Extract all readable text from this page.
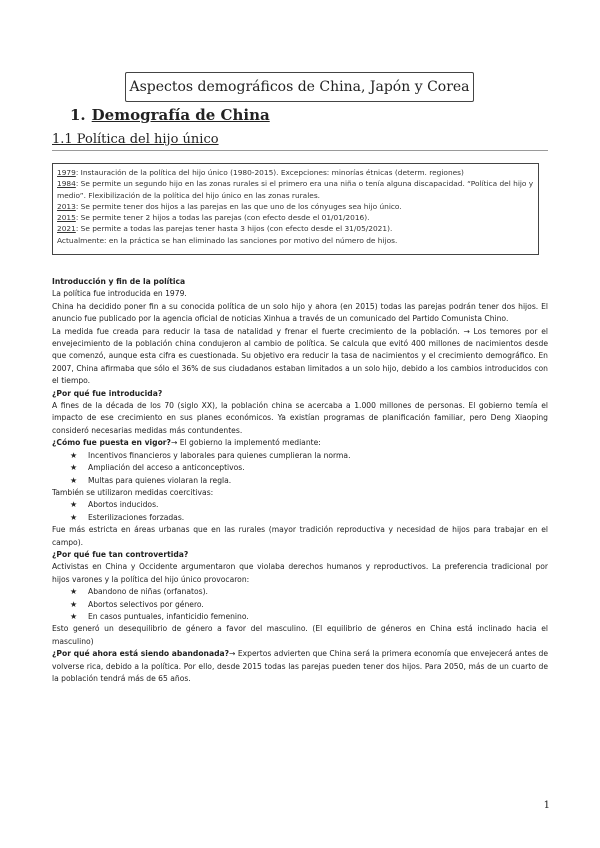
Aspectos demográficos de China, Japón y Corea
1. Demografía de China
1.1 Política del hijo único
1979: Instauración de la política del hijo único (1980-2015). Excepciones: minorías étnicas (determ. regiones)
1984: Se permite un segundo hijo en las zonas rurales si el primero era una niña o tenía alguna discapacidad. “Política del hijo y medio”. Flexibilización de la política del hijo único en las zonas rurales.
2013: Se permite tener dos hijos a las parejas en las que uno de los cónyuges sea hijo único.
2015: Se permite tener 2 hijos a todas las parejas (con efecto desde el 01/01/2016).
2021: Se permite a todas las parejas tener hasta 3 hijos (con efecto desde el 31/05/2021).
Actualmente: en la práctica se han eliminado las sanciones por motivo del número de hijos.

Introducción y fin de la política

La política fue introducida en 1979.

China ha decidido poner fin a su conocida política de un solo hijo y ahora (en 2015) todas las parejas podrán tener dos hijos. El anuncio fue publicado por la agencia oficial de noticias Xinhua a través de un comunicado del Partido Comunista Chino.

La medida fue creada para reducir la tasa de natalidad y frenar el fuerte crecimiento de la población. → Los temores por el envejecimiento de la población china condujeron al cambio de política. Se calcula que evitó 400 millones de nacimientos desde que comenzó, aunque esta cifra es cuestionada. Su objetivo era reducir la tasa de nacimientos y el crecimiento demográfico. En 2007, China afirmaba que sólo el 36% de sus ciudadanos estaban limitados a un solo hijo, debido a los cambios introducidos con el tiempo.

¿Por qué fue introducida?

A fines de la década de los 70 (siglo XX), la población china se acercaba a 1.000 millones de personas. El gobierno temía el impacto de ese crecimiento en sus planes económicos. Ya existían programas de planificación familiar, pero Deng Xiaoping consideró necesarias medidas más contundentes.

¿Cómo fue puesta en vigor?→ El gobierno la implementó mediante:

★ Incentivos financieros y laborales para quienes cumplieran la norma.
★ Ampliación del acceso a anticonceptivos.
★ Multas para quienes violaran la regla.

También se utilizaron medidas coercitivas:

★ Abortos inducidos.
★ Esterilizaciones forzadas.

Fue más estricta en áreas urbanas que en las rurales (mayor tradición reproductiva y necesidad de hijos para trabajar en el campo).

¿Por qué fue tan controvertida?

Activistas en China y Occidente argumentaron que violaba derechos humanos y reproductivos. La preferencia tradicional por hijos varones y la política del hijo único provocaron:

★ Abandono de niñas (orfanatos).
★ Abortos selectivos por género.
★ En casos puntuales, infanticidio femenino.

Esto generó un desequilibrio de género a favor del masculino. (El equilibrio de géneros en China está inclinado hacia el masculino)

¿Por qué ahora está siendo abandonada?→ Expertos advierten que China será la primera economía que envejecerá antes de volverse rica, debido a la política. Por ello, desde 2015 todas las parejas pueden tener dos hijos. Para 2050, más de un cuarto de la población tendrá más de 65 años.

1
